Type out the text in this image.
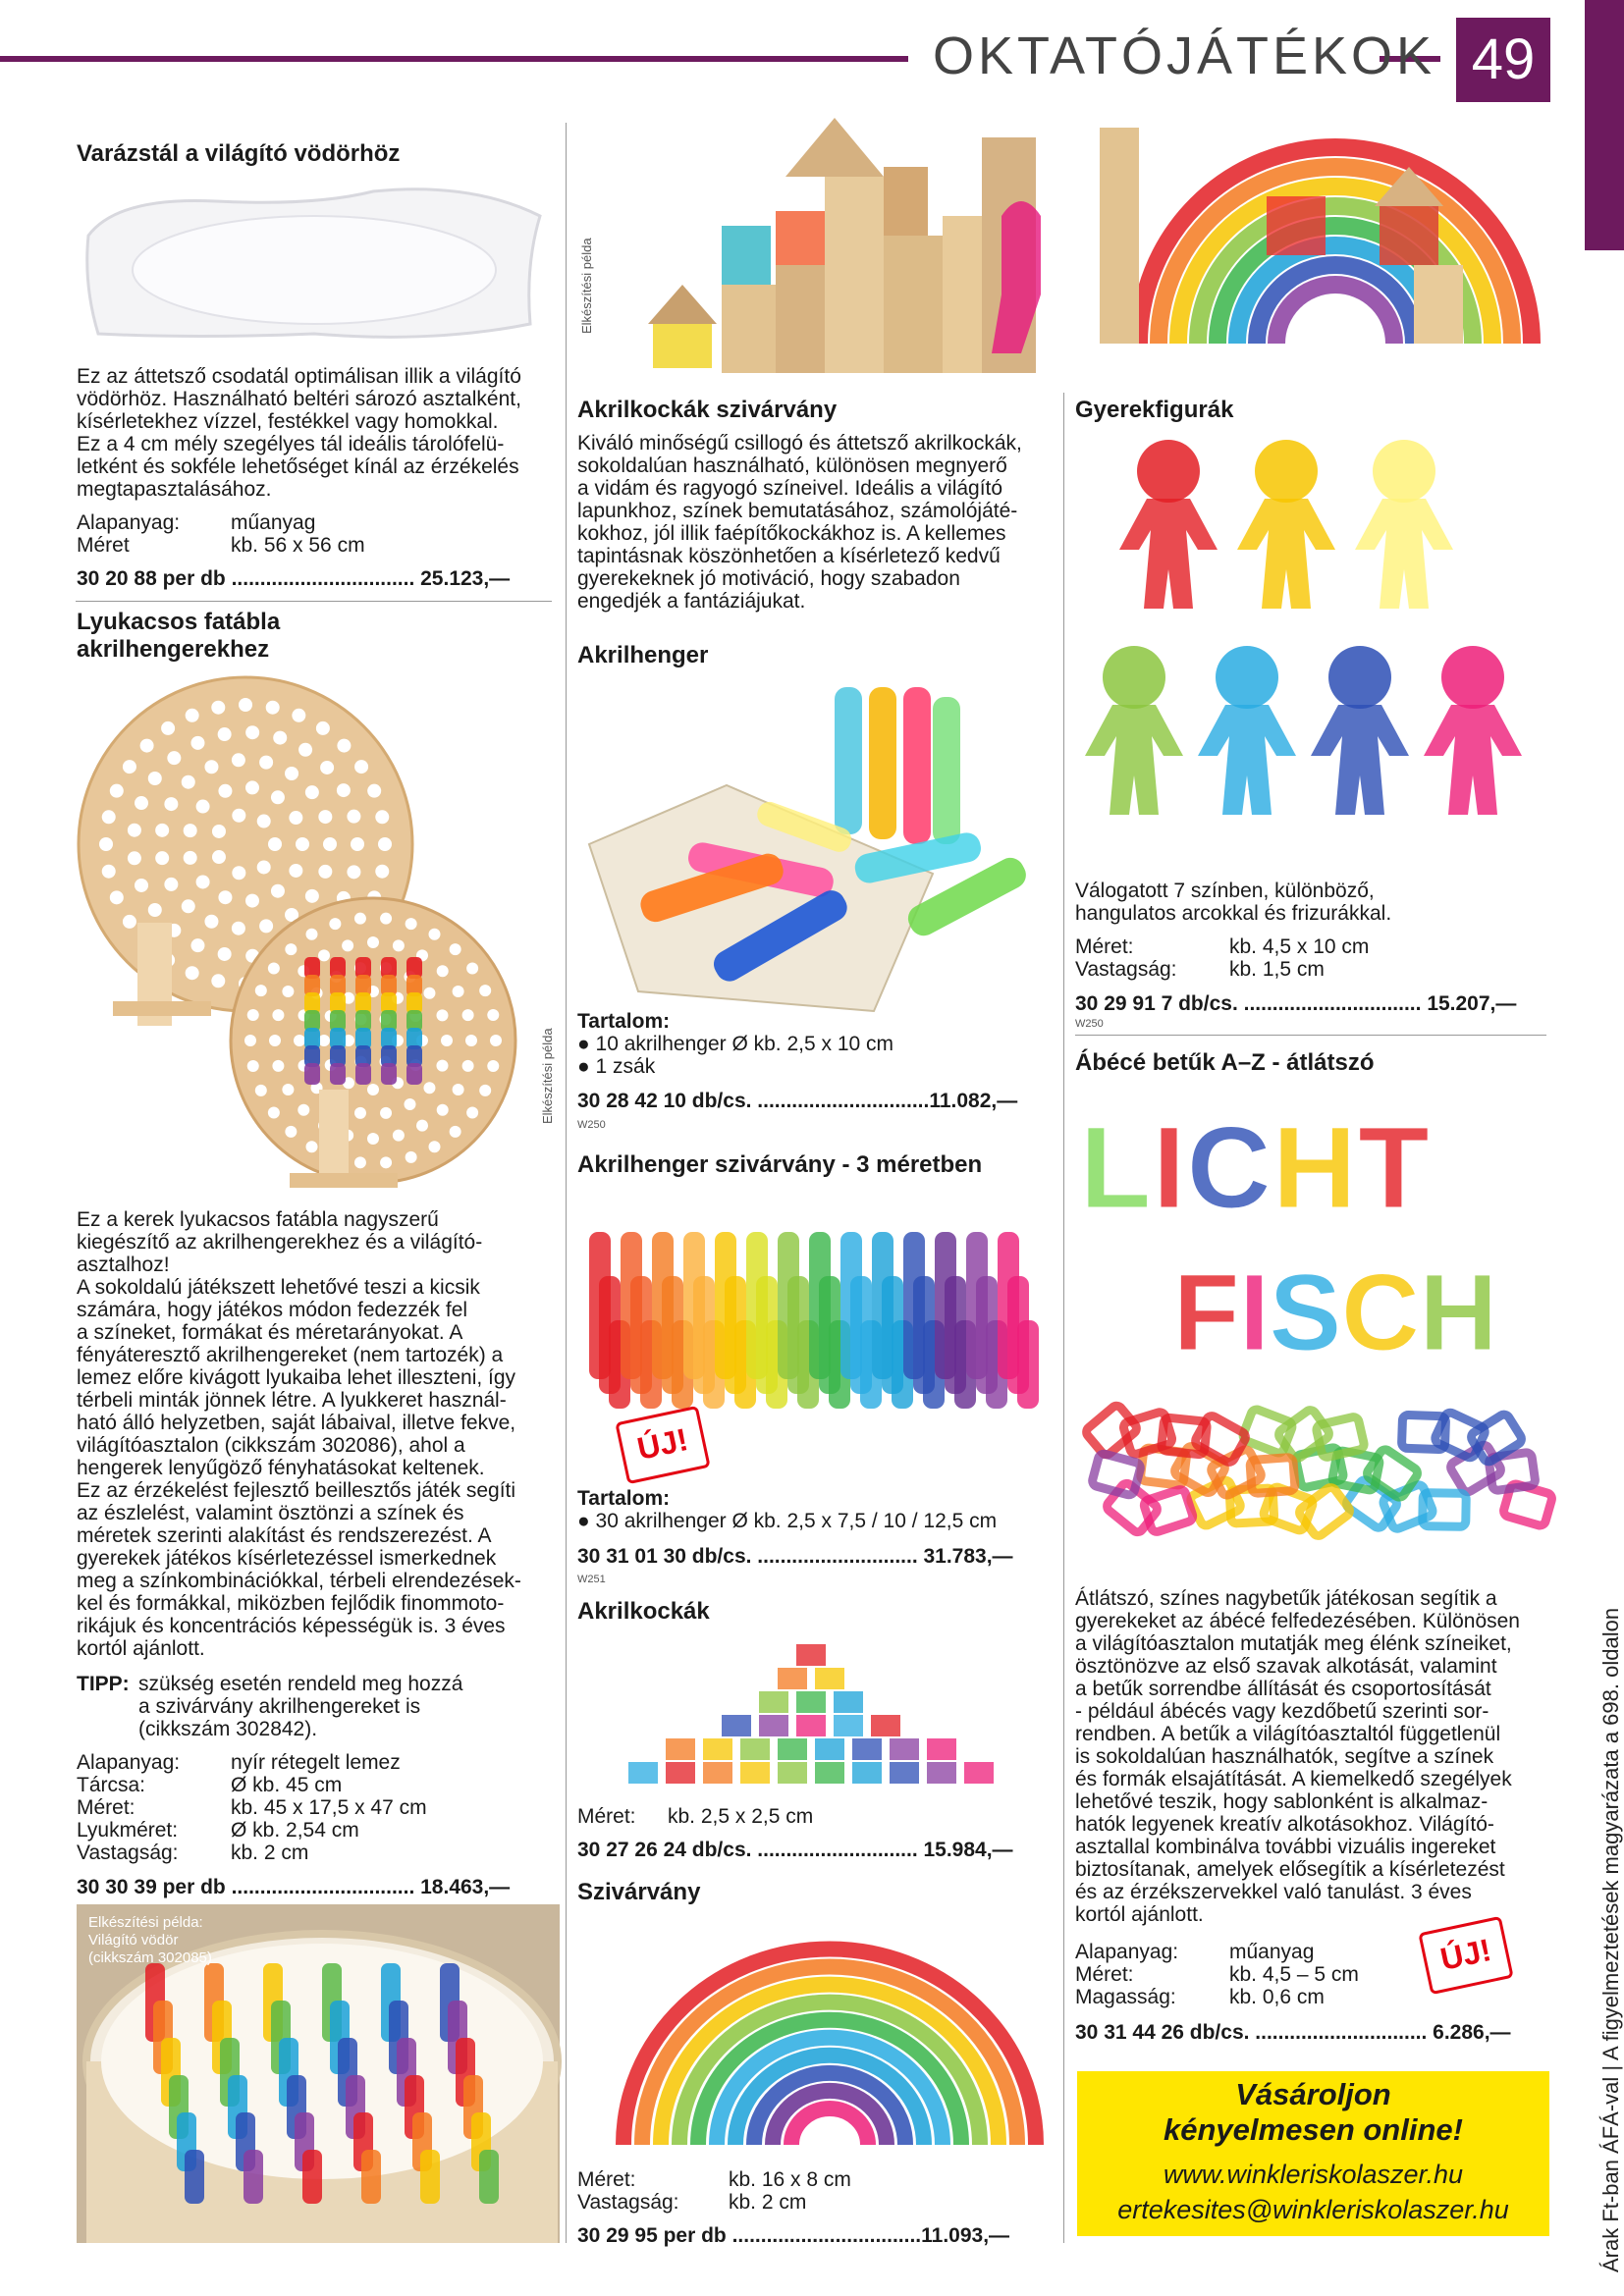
OKTATÓJÁTÉKOK 49
Árak Ft-ban ÁFÁ-val | A figyelmeztetések magyarázata a 698. oldalon
Varázstál a világító vödörhöz
Ez az áttetsző csodatál optimálisan illik a világító
vödörhöz. Használható beltéri sározó asztalként,
kísérletekhez vízzel, festékkel vagy homokkal.
Ez a 4 cm mély szegélyes tál ideális tárolófelü-
letként és sokféle lehetőséget kínál az érzékelés
megtapasztalásához.
Alapanyag: műanyag
Méret	kb. 56 x 56 cm
30 20 88 per db ................................ 25.123,—
Lyukacsos fatábla
akrilhengerekhez
Elkészítési példa
Ez a kerek lyukacsos fatábla nagyszerű
kiegészítő az akrilhengerekhez és a világító-
asztalhoz!
A sokoldalú játékszett lehetővé teszi a kicsik
számára, hogy játékos módon fedezzék fel
a színeket, formákat és méretarányokat. A
fényáteresztő akrilhengereket (nem tartozék) a
lemez előre kivágott lyukaiba lehet illeszteni, így
térbeli minták jönnek létre. A lyukkeret használ-
ható álló helyzetben, saját lábaival, illetve fekve,
világítóasztalon (cikkszám 302086), ahol a
hengerek lenyűgöző fényhatásokat keltenek.
Ez az érzékelést fejlesztő beillesztős játék segíti
az észlelést, valamint ösztönzi a színek és
méretek szerinti alakítást és rendszerezést. A
gyerekek játékos kísérletezéssel ismerkednek
meg a színkombinációkkal, térbeli elrendezések-
kel és formákkal, miközben fejlődik finommoto-
rikájuk és koncentrációs képességük is. 3 éves
kortól ajánlott.
TIPP: szükség esetén rendeld meg hozzá
a szivárvány akrilhengereket is
(cikkszám 302842).
Alapanyag: nyír rétegelt lemez
Tárcsa:	Ø kb. 45 cm
Méret:	kb. 45 x 17,5 x 47 cm
Lyukméret:	Ø kb. 2,54 cm
Vastagság:	kb. 2 cm
30 30 39 per db ................................ 18.463,—
Elkészítési példa:
Világító vödör
(cikkszám 302085)
Elkészítési példa
Akrilkockák szivárvány
Kiváló minőségű csillogó és áttetsző akrilkockák,
sokoldalúan használható, különösen megnyerő
a vidám és ragyogó színeivel. Ideális a világító
lapunkhoz, színek bemutatásához, számolójáté-
kokhoz, jól illik faépítőkockákhoz is. A kellemes
tapintásnak köszönhetően a kísérletező kedvű
gyerekeknek jó motiváció, hogy szabadon
engedjék a fantáziájukat.
Akrilhenger
Tartalom:
● 10 akrilhenger Ø kb. 2,5 x 10 cm
● 1 zsák
30 28 42 10 db/cs. ..............................11.082,—
W250
Akrilhenger szivárvány - 3 méretben
ÚJ!
Tartalom:
● 30 akrilhenger Ø kb. 2,5 x 7,5 / 10 / 12,5 cm
30 31 01 30 db/cs. ............................ 31.783,—
W251
Akrilkockák
Méret: kb. 2,5 x 2,5 cm
30 27 26 24 db/cs. ............................ 15.984,—
Szivárvány
Méret:	kb. 16 x 8 cm
Vastagság: kb. 2 cm
30 29 95 per db .................................11.093,—
Gyerekfigurák
Válogatott 7 színben, különböző,
hangulatos arcokkal és frizurákkal.
Méret:	kb. 4,5 x 10 cm
Vastagság:	kb. 1,5 cm
30 29 91 7 db/cs. ............................... 15.207,—
W250
Ábécé betűk A–Z - átlátszó
LICHT
FISCH
ÚJ!
Átlátszó, színes nagybetűk játékosan segítik a
gyerekeket az ábécé felfedezésében. Különösen
a világítóasztalon mutatják meg élénk színeiket,
ösztönözve az első szavak alkotását, valamint
a betűk sorrendbe állítását és csoportosítását
- például ábécés vagy kezdőbetű szerinti sor-
rendben. A betűk a világítóasztaltól függetlenül
is sokoldalúan használhatók, segítve a színek
és formák elsajátítását. A kiemelkedő szegélyek
lehetővé teszik, hogy sablonként is alkalmaz-
hatók legyenek kreatív alkotásokhoz. Világító-
asztallal kombinálva további vizuális ingereket
biztosítanak, amelyek elősegítik a kísérletezést
és az érzékszervekkel való tanulást. 3 éves
kortól ajánlott.
Alapanyag: műanyag
Méret:	kb. 4,5 – 5 cm
Magasság:	kb. 0,6 cm
30 31 44 26 db/cs. .............................. 6.286,—
Vásároljon
kényelmesen online!
www.winkleriskolaszer.hu
ertekesites@winkleriskolaszer.hu
